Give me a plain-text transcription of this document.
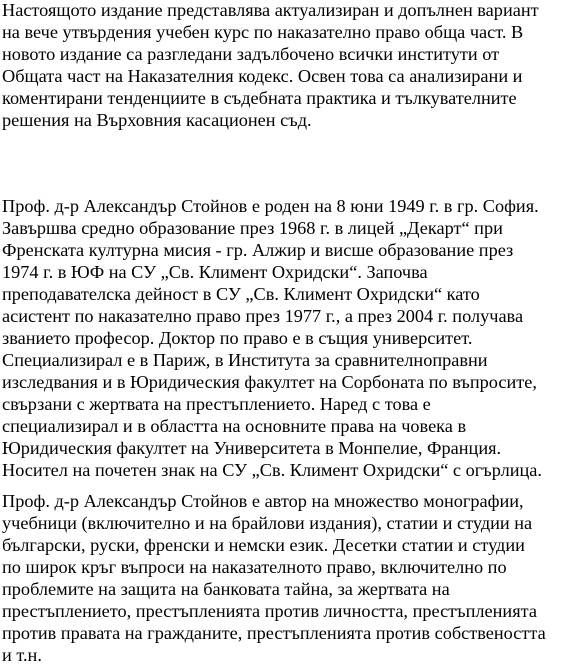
Настоящото издание представлява актуализиран и допълнен вариант
на вече утвърдения учебен курс по наказателно право обща част. В
новото издание са разгледани задълбочено всички институти от
Общата част на Наказателния кодекс. Освен това са анализирани и
коментирани тенденциите в съдебната практика и тълкувателните
решения на Върховния касационен съд.
Проф. д-р Александър Стойнов е роден на 8 юни 1949 г. в гр. София.
Завършва средно образование през 1968 г. в лицей „Декарт“ при
Френската културна мисия - гр. Алжир и висше образование през
1974 г. в ЮФ на СУ „Св. Климент Охридски“. Започва
преподавателска дейност в СУ „Св. Климент Охридски“ като
асистент по наказателно право през 1977 г., а през 2004 г. получава
званието професор. Доктор по право е в същия университет.
Специализирал е в Париж, в Института за сравнителноправни
изследвания и в Юридическия факултет на Сорбоната по въпросите,
свързани с жертвата на престъплението. Наред с това е
специализирал и в областта на основните права на човека в
Юридическия факултет на Университета в Монпелие, Франция.
Носител на почетен знак на СУ „Св. Климент Охридски“ с огърлица.
Проф. д-р Александър Стойнов е автор на множество монографии,
учебници (включително и на брайлови издания), статии и студии на
български, руски, френски и немски език. Десетки статии и студии
по широк кръг въпроси на наказателното право, включително по
проблемите на защита на банковата тайна, за жертвата на
престъплението, престъпленията против личността, престъпленията
против правата на гражданите, престъпленията против собствеността
и т.н.
